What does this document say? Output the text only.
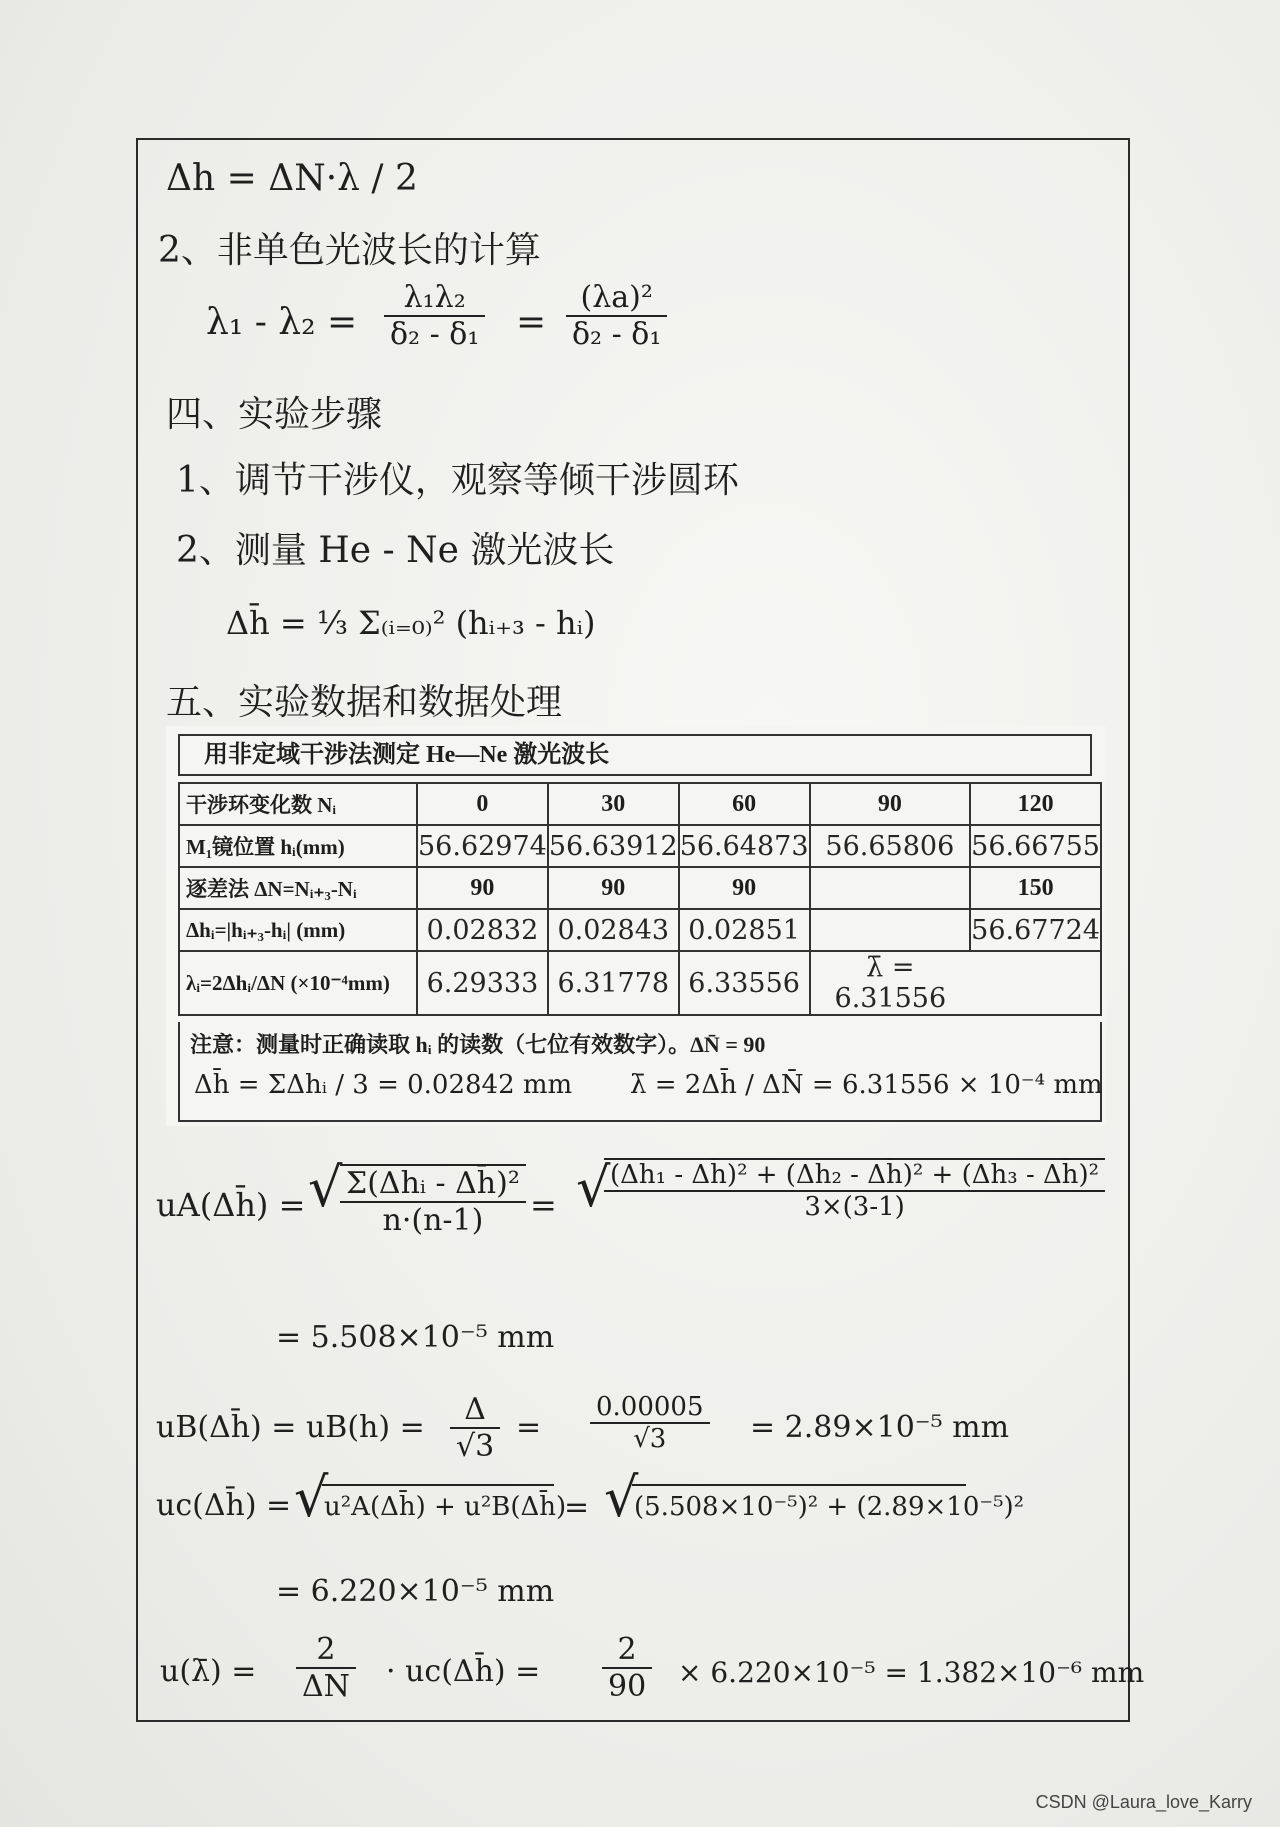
Δh = ΔN·λ / 2
2、非单色光波长的计算
$\lambda_1 - \lambda_2 = \frac{\text{λ₁λ₂}}{\text{δ₂ - δ₁}} = \frac{\text{(λa)²}}{\text{δ₂ - δ₁}}$
四、实验步骤
1、调节干涉仪，观察等倾干涉圆环
2、测量 He - Ne 激光波长
Δh̄ = ⅓ Σ₍ᵢ₌₀₎² (hᵢ₊₃ - hᵢ)
五、实验数据和数据处理
用非定域干涉法测定 He—Ne 激光波长
干涉环变化数 Nᵢ	0	30	60	90	120
M₁镜位置 hᵢ(mm)	56.62974	56.63912	56.64873	56.65806	56.66755
逐差法 ΔN=Nᵢ₊₃-Nᵢ	90	90	90		150
Δhᵢ=|hᵢ₊₃-hᵢ| (mm)	0.02832	0.02843	0.02851		56.67724
λᵢ=2Δhᵢ/ΔN (×10⁻⁴mm)	6.29333	6.31778	6.33556	λ̄ = 6.31556	
注意：测量时正确读取 hᵢ 的读数（七位有效数字）。ΔN̄ = 90
Δh̄ = ΣΔhᵢ / 3 = 0.02842 mm λ̄ = 2Δh̄ / ΔN̄ = 6.31556 × 10⁻⁴ mm
uA(Δh̄) = √ Σ(Δhᵢ - Δh̄)²
n·(n-1)	= √
$\frac{\text{(Δh₁ - Δh̄)² + (Δh₂ - Δh̄)² + (Δh₃ - Δh̄)²}}{3\times(3-1)}$
= 5.508×10⁻⁵ mm
uB(Δh̄) = $uB(h) = \frac{\Delta}{√3} = \frac{0.00005}{√3} = 2.89\times 10^{-5}$ mm
uc(Δh̄) = √
u²A(Δh̄) + u²B(Δh̄)
= √
(5.508×10⁻⁵)² + (2.89×10⁻⁵)²
= 6.220×10⁻⁵ mm
u(λ̄) = $\frac{2}{\Delta N}$ · uc(Δh̄) = $\frac{2}{90} \times 6.220\times 10^{-5} = 1.382\times 10^{-6}$ mm
CSDN @Laura_love_Karry
